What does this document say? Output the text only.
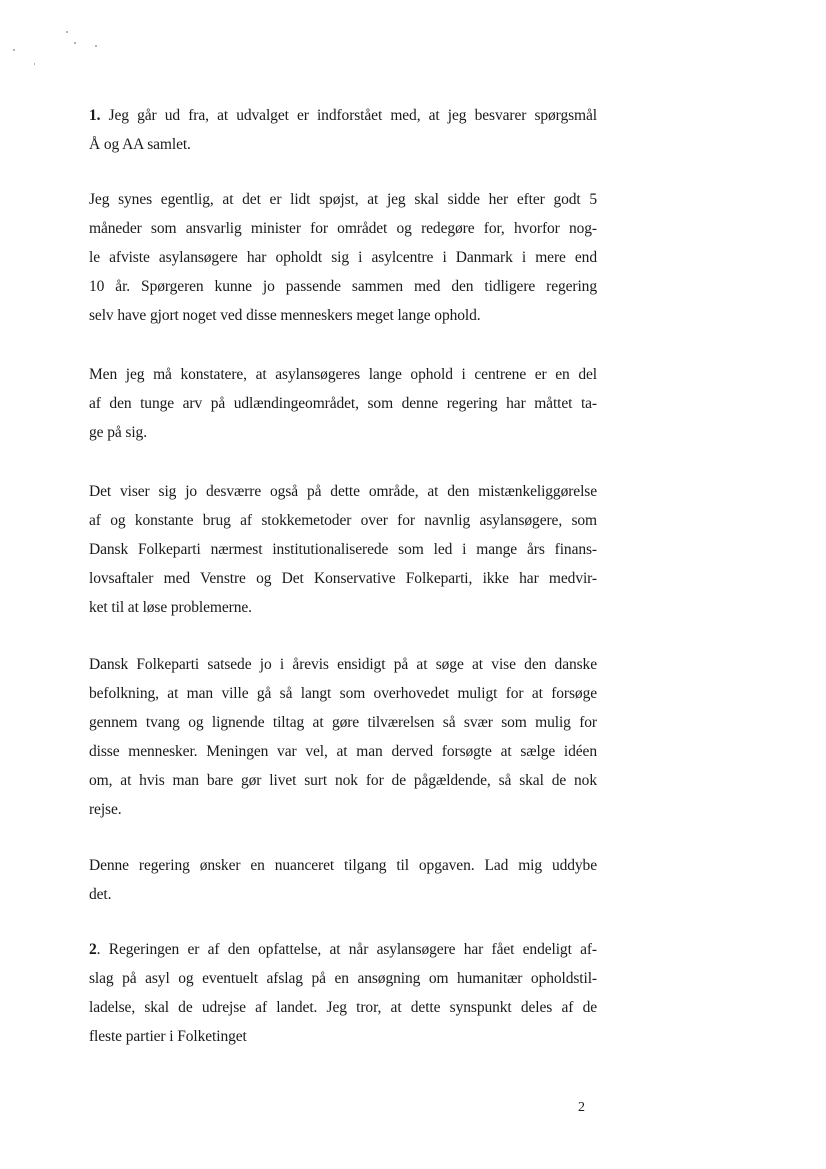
1. Jeg går ud fra, at udvalget er indforstået med, at jeg besvarer spørgsmål
Å og AA samlet.
Jeg synes egentlig, at det er lidt spøjst, at jeg skal sidde her efter godt 5
måneder som ansvarlig minister for området og redegøre for, hvorfor nog-
le afviste asylansøgere har opholdt sig i asylcentre i Danmark i mere end
10 år. Spørgeren kunne jo passende sammen med den tidligere regering
selv have gjort noget ved disse menneskers meget lange ophold.
Men jeg må konstatere, at asylansøgeres lange ophold i centrene er en del
af den tunge arv på udlændingeområdet, som denne regering har måttet ta-
ge på sig.
Det viser sig jo desværre også på dette område, at den mistænkeliggørelse
af og konstante brug af stokkemetoder over for navnlig asylansøgere, som
Dansk Folkeparti nærmest institutionaliserede som led i mange års finans-
lovsaftaler med Venstre og Det Konservative Folkeparti, ikke har medvir-
ket til at løse problemerne.
Dansk Folkeparti satsede jo i årevis ensidigt på at søge at vise den danske
befolkning, at man ville gå så langt som overhovedet muligt for at forsøge
gennem tvang og lignende tiltag at gøre tilværelsen så svær som mulig for
disse mennesker. Meningen var vel, at man derved forsøgte at sælge idéen
om, at hvis man bare gør livet surt nok for de pågældende, så skal de nok
rejse.
Denne regering ønsker en nuanceret tilgang til opgaven. Lad mig uddybe
det.
2. Regeringen er af den opfattelse, at når asylansøgere har fået endeligt af-
slag på asyl og eventuelt afslag på en ansøgning om humanitær opholdstil-
ladelse, skal de udrejse af landet. Jeg tror, at dette synspunkt deles af de
fleste partier i Folketinget
2
